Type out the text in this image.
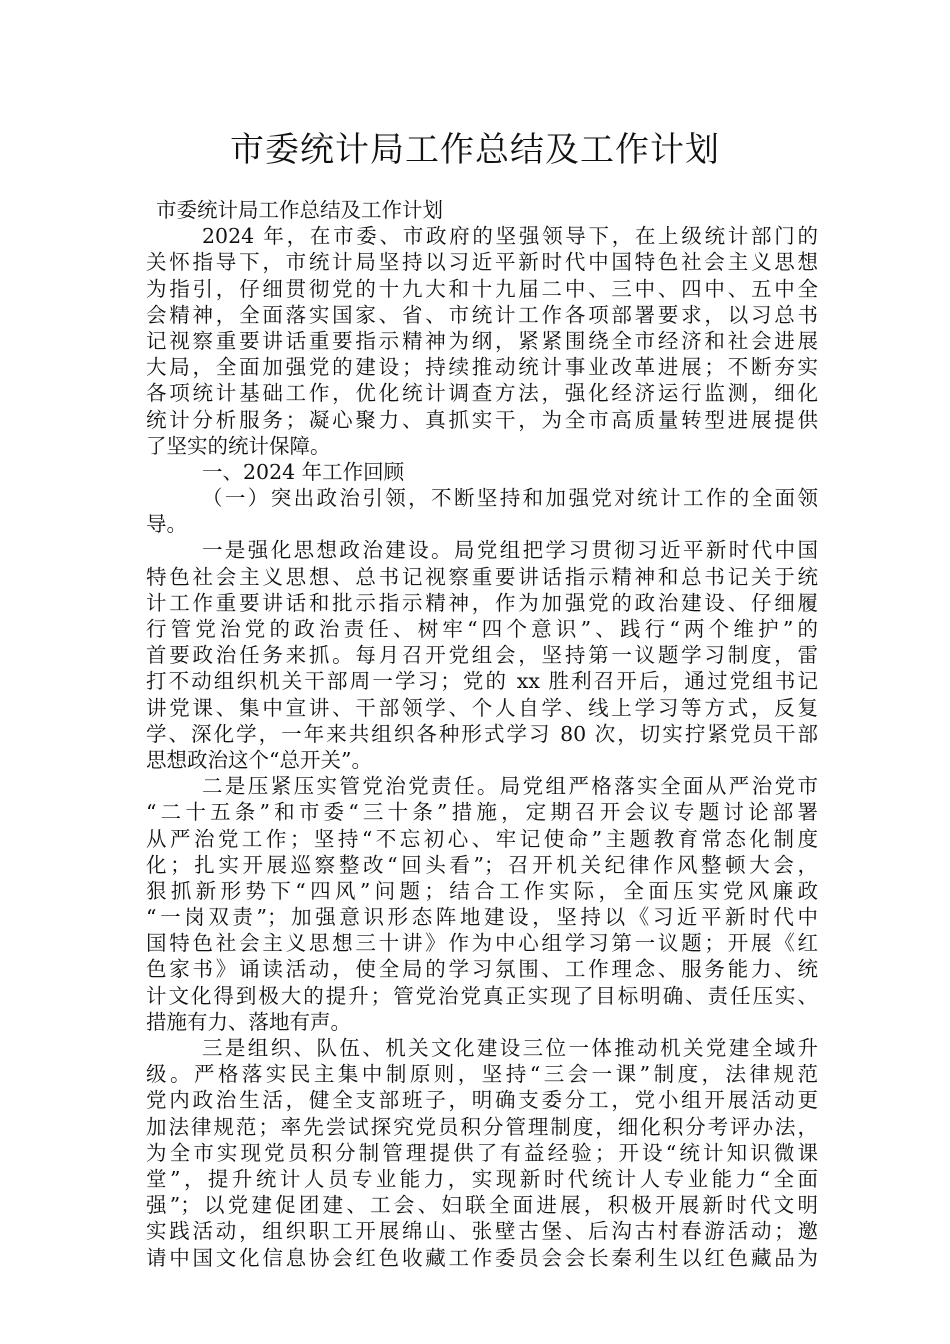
市委统计局工作总结及工作计划
市委统计局工作总结及工作计划
2024 年，在市委、市政府的坚强领导下，在上级统计部门的
关怀指导下，市统计局坚持以习近平新时代中国特色社会主义思想
为指引，仔细贯彻党的十九大和十九届二中、三中、四中、五中全
会精神，全面落实国家、省、市统计工作各项部署要求，以习总书
记视察重要讲话重要指示精神为纲，紧紧围绕全市经济和社会进展
大局，全面加强党的建设；持续推动统计事业改革进展；不断夯实
各项统计基础工作，优化统计调查方法，强化经济运行监测，细化
统计分析服务；凝心聚力、真抓实干，为全市高质量转型进展提供
了坚实的统计保障。
一、2024 年工作回顾
（一）突出政治引领，不断坚持和加强党对统计工作的全面领
导。
一是强化思想政治建设。局党组把学习贯彻习近平新时代中国
特色社会主义思想、总书记视察重要讲话指示精神和总书记关于统
计工作重要讲话和批示指示精神，作为加强党的政治建设、仔细履
行管党治党的政治责任、树牢“四个意识”、践行“两个维护”的
首要政治任务来抓。每月召开党组会，坚持第一议题学习制度，雷
打不动组织机关干部周一学习；党的 xx 胜利召开后，通过党组书记
讲党课、集中宣讲、干部领学、个人自学、线上学习等方式，反复
学、深化学，一年来共组织各种形式学习 80 次，切实拧紧党员干部
思想政治这个“总开关”。
二是压紧压实管党治党责任。局党组严格落实全面从严治党市
“二十五条”和市委“三十条”措施，定期召开会议专题讨论部署
从严治党工作；坚持“不忘初心、牢记使命”主题教育常态化制度
化；扎实开展巡察整改“回头看”；召开机关纪律作风整顿大会，
狠抓新形势下“四风”问题；结合工作实际，全面压实党风廉政
“一岗双责”；加强意识形态阵地建设，坚持以《习近平新时代中
国特色社会主义思想三十讲》作为中心组学习第一议题；开展《红
色家书》诵读活动，使全局的学习氛围、工作理念、服务能力、统
计文化得到极大的提升；管党治党真正实现了目标明确、责任压实、
措施有力、落地有声。
三是组织、队伍、机关文化建设三位一体推动机关党建全域升
级。严格落实民主集中制原则，坚持“三会一课”制度，法律规范
党内政治生活，健全支部班子，明确支委分工，党小组开展活动更
加法律规范；率先尝试探究党员积分管理制度，细化积分考评办法，
为全市实现党员积分制管理提供了有益经验；开设“统计知识微课
堂”，提升统计人员专业能力，实现新时代统计人专业能力“全面
强”；以党建促团建、工会、妇联全面进展，积极开展新时代文明
实践活动，组织职工开展绵山、张壁古堡、后沟古村春游活动；邀
请中国文化信息协会红色收藏工作委员会会长秦利生以红色藏品为
